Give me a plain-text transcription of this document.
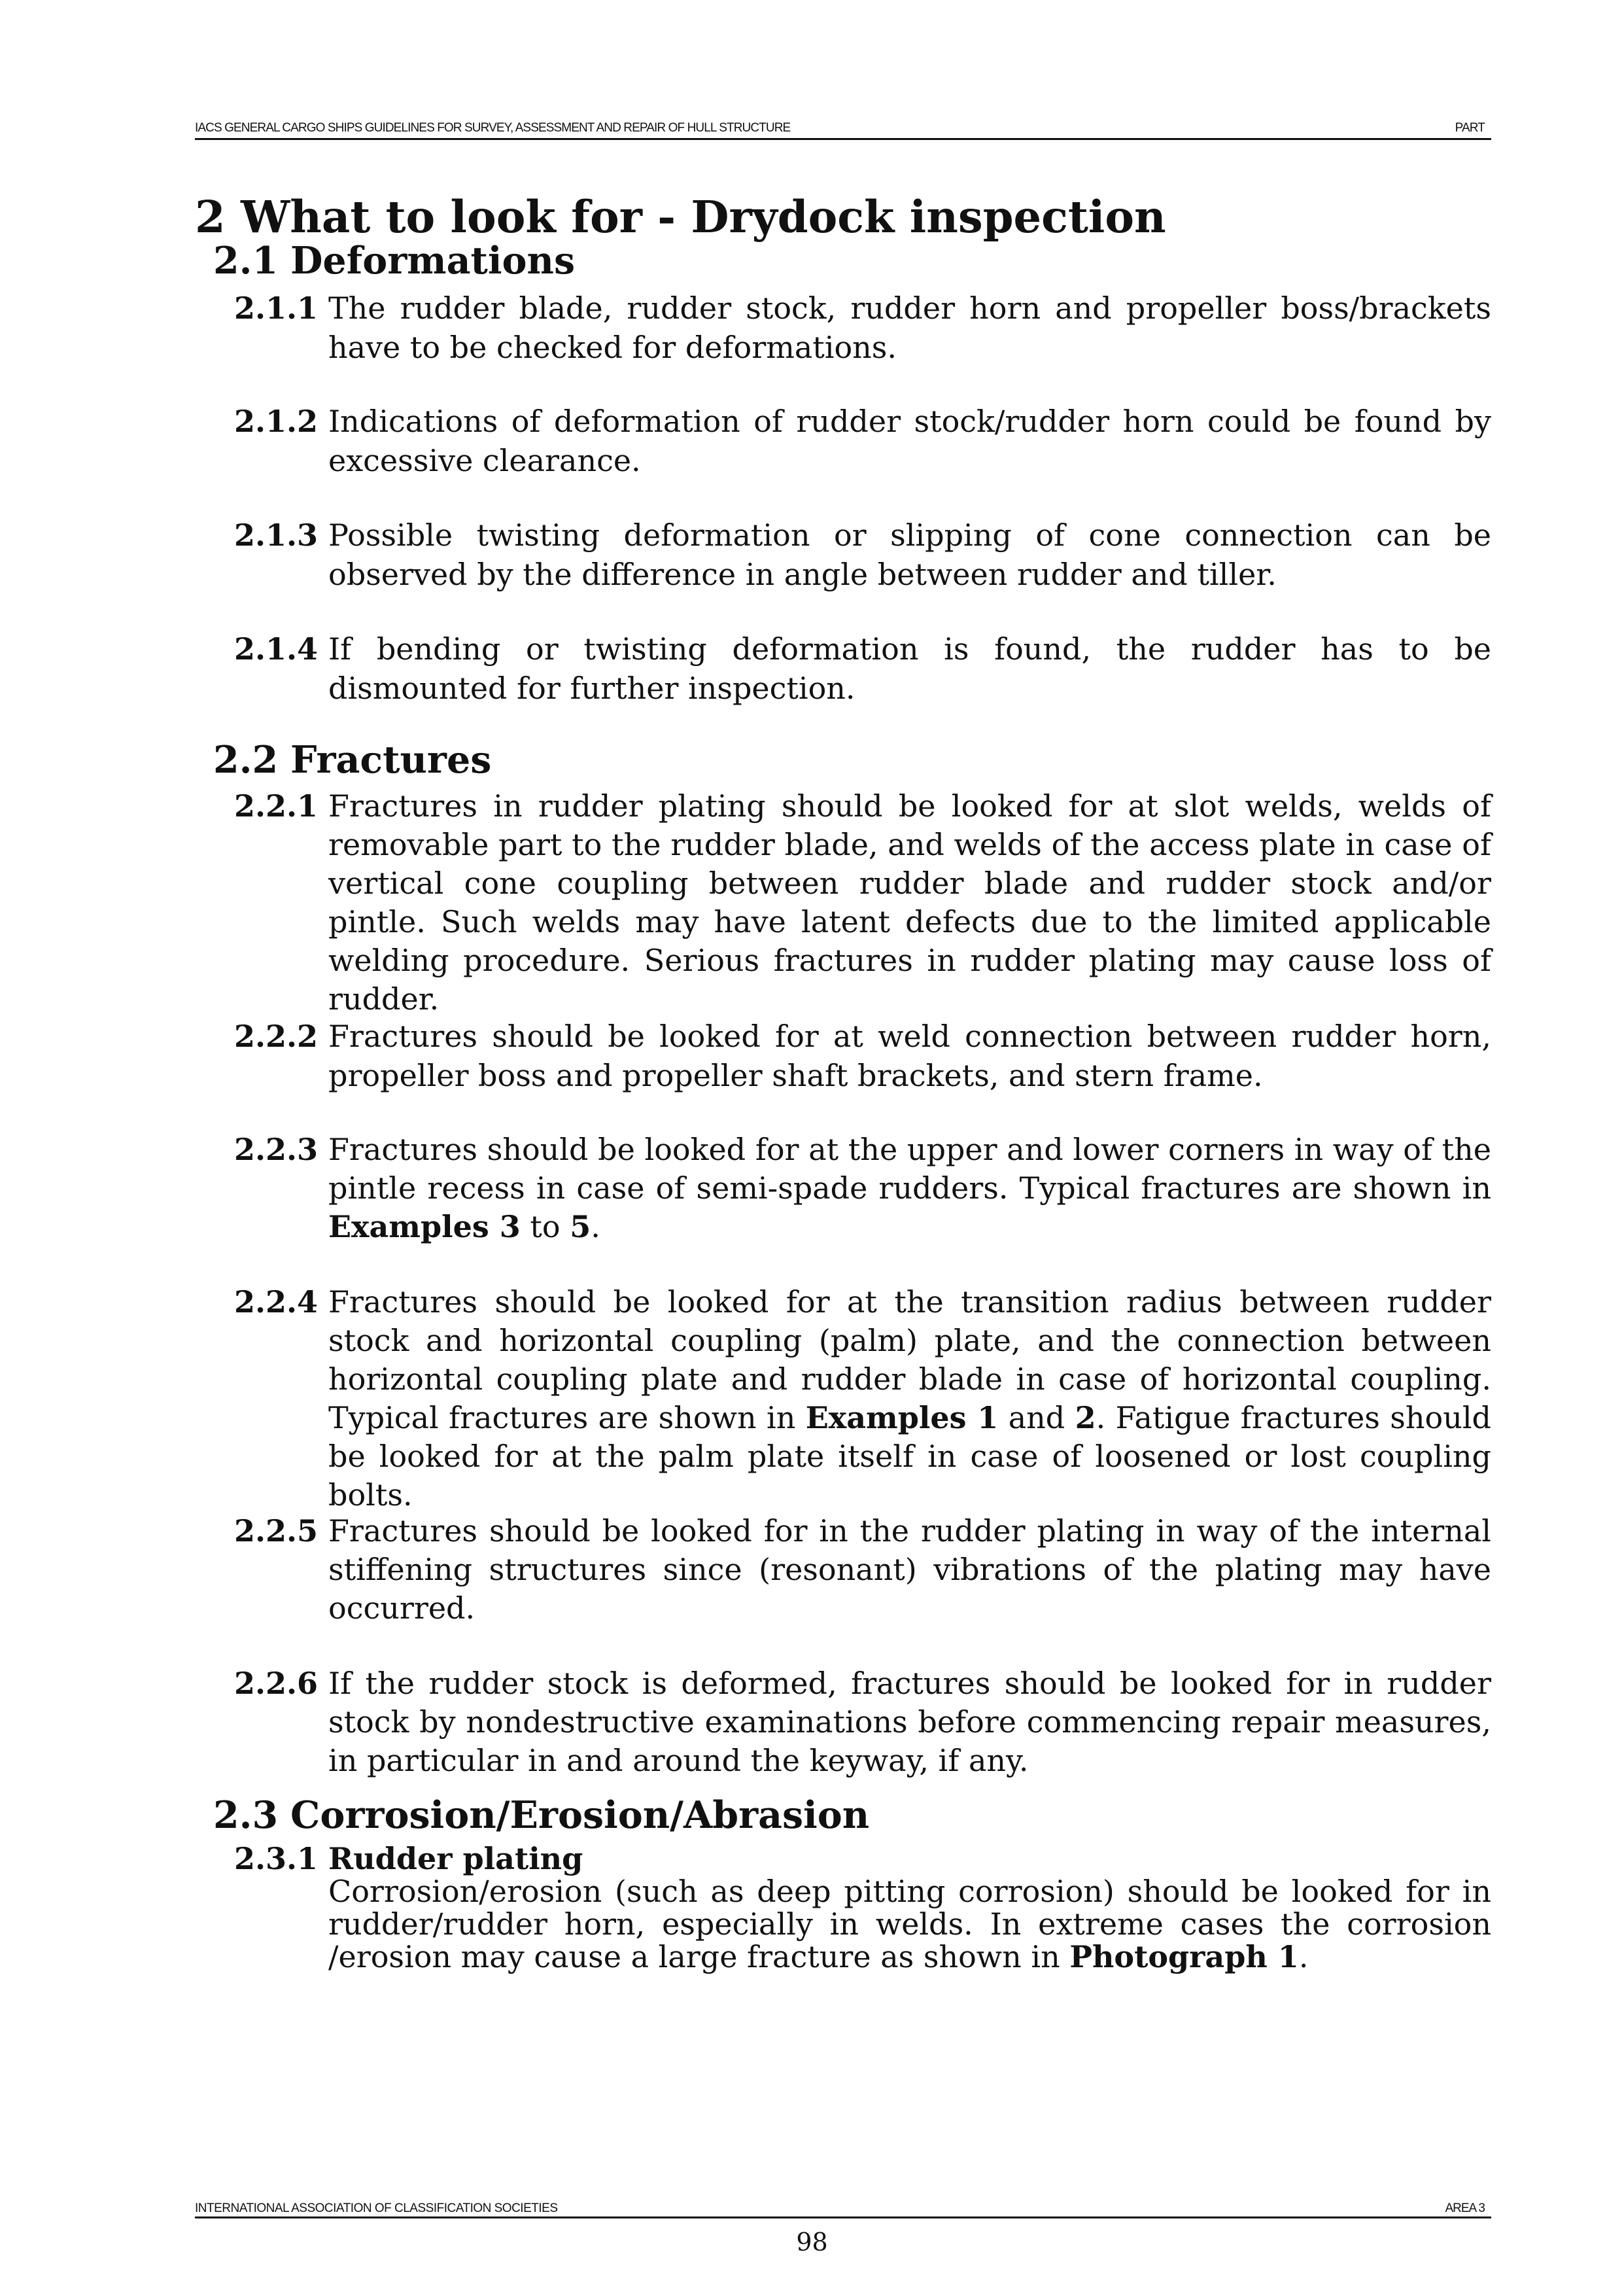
IACS GENERAL CARGO SHIPS GUIDELINES FOR SURVEY, ASSESSMENT AND REPAIR OF HULL STRUCTURE	PART
2 What to look for - Drydock inspection
2.1 Deformations
2.1.1 The rudder blade, rudder stock, rudder horn and propeller boss/brackets have to be checked for deformations.
2.1.2 Indications of deformation of rudder stock/rudder horn could be found by excessive clearance.
2.1.3 Possible twisting deformation or slipping of cone connection can be observed by the difference in angle between rudder and tiller.
2.1.4 If bending or twisting deformation is found, the rudder has to be dismounted for further inspection.
2.2 Fractures
2.2.1 Fractures in rudder plating should be looked for at slot welds, welds of removable part to the rudder blade, and welds of the access plate in case of vertical cone coupling between rudder blade and rudder stock and/or pintle. Such welds may have latent defects due to the limited applicable welding procedure. Serious fractures in rudder plating may cause loss of rudder.
2.2.2 Fractures should be looked for at weld connection between rudder horn, propeller boss and propeller shaft brackets, and stern frame.
2.2.3 Fractures should be looked for at the upper and lower corners in way of the pintle recess in case of semi-spade rudders. Typical fractures are shown in Examples 3 to 5.
2.2.4 Fractures should be looked for at the transition radius between rudder stock and horizontal coupling (palm) plate, and the connection between horizontal coupling plate and rudder blade in case of horizontal coupling. Typical fractures are shown in Examples 1 and 2. Fatigue fractures should be looked for at the palm plate itself in case of loosened or lost coupling bolts.
2.2.5 Fractures should be looked for in the rudder plating in way of the internal stiffening structures since (resonant) vibrations of the plating may have occurred.
2.2.6 If the rudder stock is deformed, fractures should be looked for in rudder stock by nondestructive examinations before commencing repair measures, in particular in and around the keyway, if any.
2.3 Corrosion/Erosion/Abrasion
2.3.1 Rudder plating
Corrosion/erosion (such as deep pitting corrosion) should be looked for in rudder/rudder horn, especially in welds. In extreme cases the corrosion /erosion may cause a large fracture as shown in Photograph 1.
INTERNATIONAL ASSOCIATION OF CLASSIFICATION SOCIETIES	AREA 3
98
